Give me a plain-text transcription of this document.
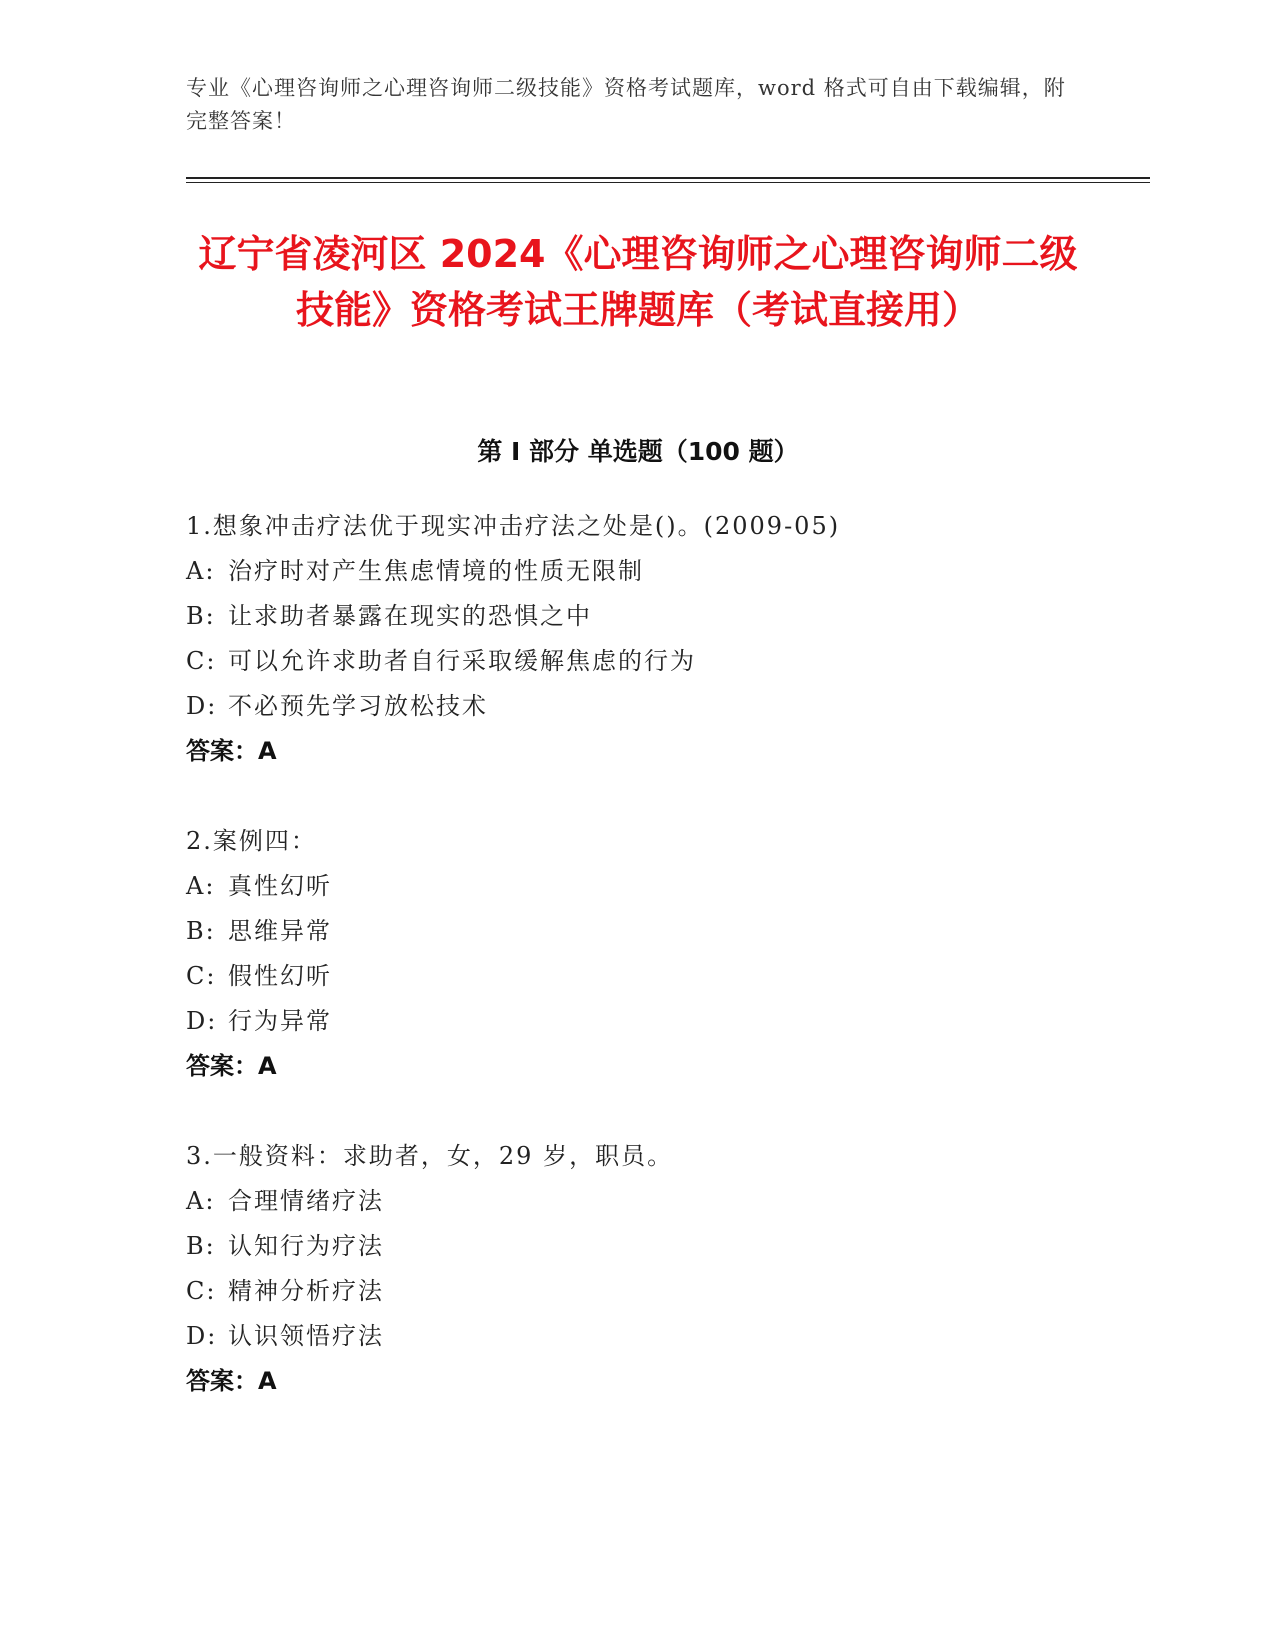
专业《心理咨询师之心理咨询师二级技能》资格考试题库，word 格式可自由下载编辑，附完整答案！
辽宁省凌河区 2024《心理咨询师之心理咨询师二级技能》资格考试王牌题库（考试直接用）
第 I 部分 单选题（100 题）
1.想象冲击疗法优于现实冲击疗法之处是()。(2009-05)
A: 治疗时对产生焦虑情境的性质无限制
B: 让求助者暴露在现实的恐惧之中
C: 可以允许求助者自行采取缓解焦虑的行为
D: 不必预先学习放松技术
答案：A
2.案例四：
A: 真性幻听
B: 思维异常
C: 假性幻听
D: 行为异常
答案：A
3.一般资料：求助者，女，29 岁，职员。
A: 合理情绪疗法
B: 认知行为疗法
C: 精神分析疗法
D: 认识领悟疗法
答案：A
